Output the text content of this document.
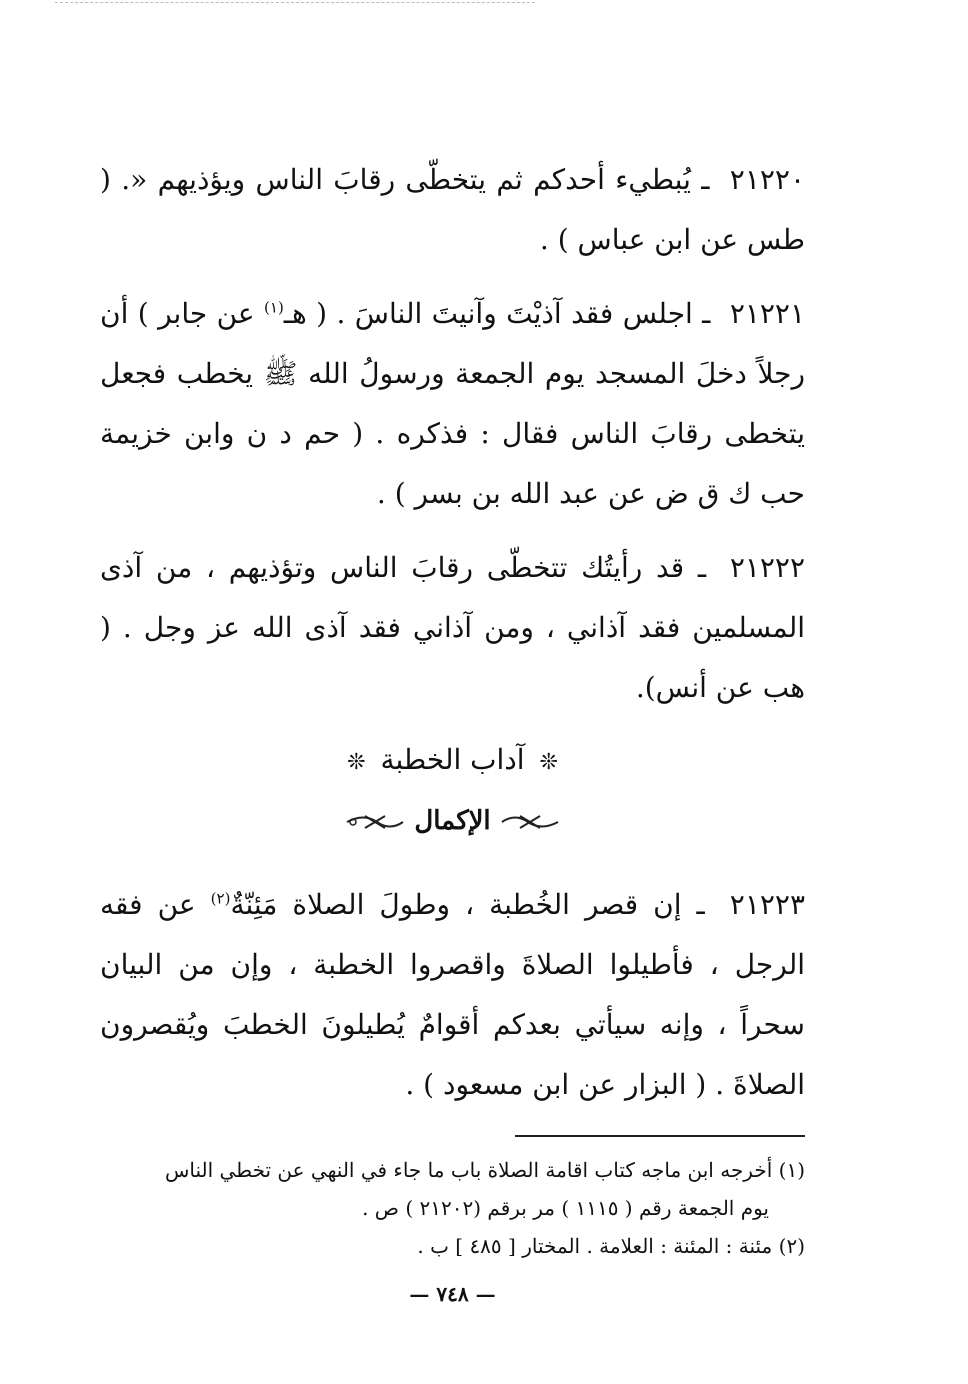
٢١٢٢٠ ـ يُبطيء أحدكم ثم يتخطّى رقابَ الناس ويؤذيهم «. ( طس عن ابن عباس ) .

٢١٢٢١ ـ اجلس فقد آذيْتَ وآنيتَ الناسَ . ( هـ$^{(١)}$ عن جابر ) أن رجلاً دخلَ المسجد يوم الجمعة ورسولُ الله ﷺ يخطب فجعل يتخطى رقابَ الناس فقال : فذكره . ( حم د ن وابن خزيمة حب ك ق ض عن عبد الله بن بسر ) .

٢١٢٢٢ ـ قد رأيتُك تتخطّى رقابَ الناس وتؤذيهم ، من آذى المسلمين فقد آذاني ، ومن آذاني فقد آذى الله عز وجل . ( هب عن أنس).

❊ آداب الخطبة ❊
الإكمال

٢١٢٢٣ ـ إن قصر الخُطبة ، وطولَ الصلاة مَئِنّةٌ$^{(٢)}$ عن فقه الرجل ، فأطيلوا الصلاةَ واقصروا الخطبة ، وإن من البيان سحراً ، وإنه سيأتي بعدكم أقوامٌ يُطيلونَ الخطبَ ويُقصرون الصلاةَ . ( البزار عن ابن مسعود ) .

(١) أخرجه ابن ماجه كتاب اقامة الصلاة باب ما جاء في النهي عن تخطي الناس
يوم الجمعة رقم ( ١١١٥ ) مر برقم (٢١٢٠٢ ) ص .

(٢) مئنة : المئنة : العلامة . المختار [ ٤٨٥ ] ب .

— ٧٤٨ —
